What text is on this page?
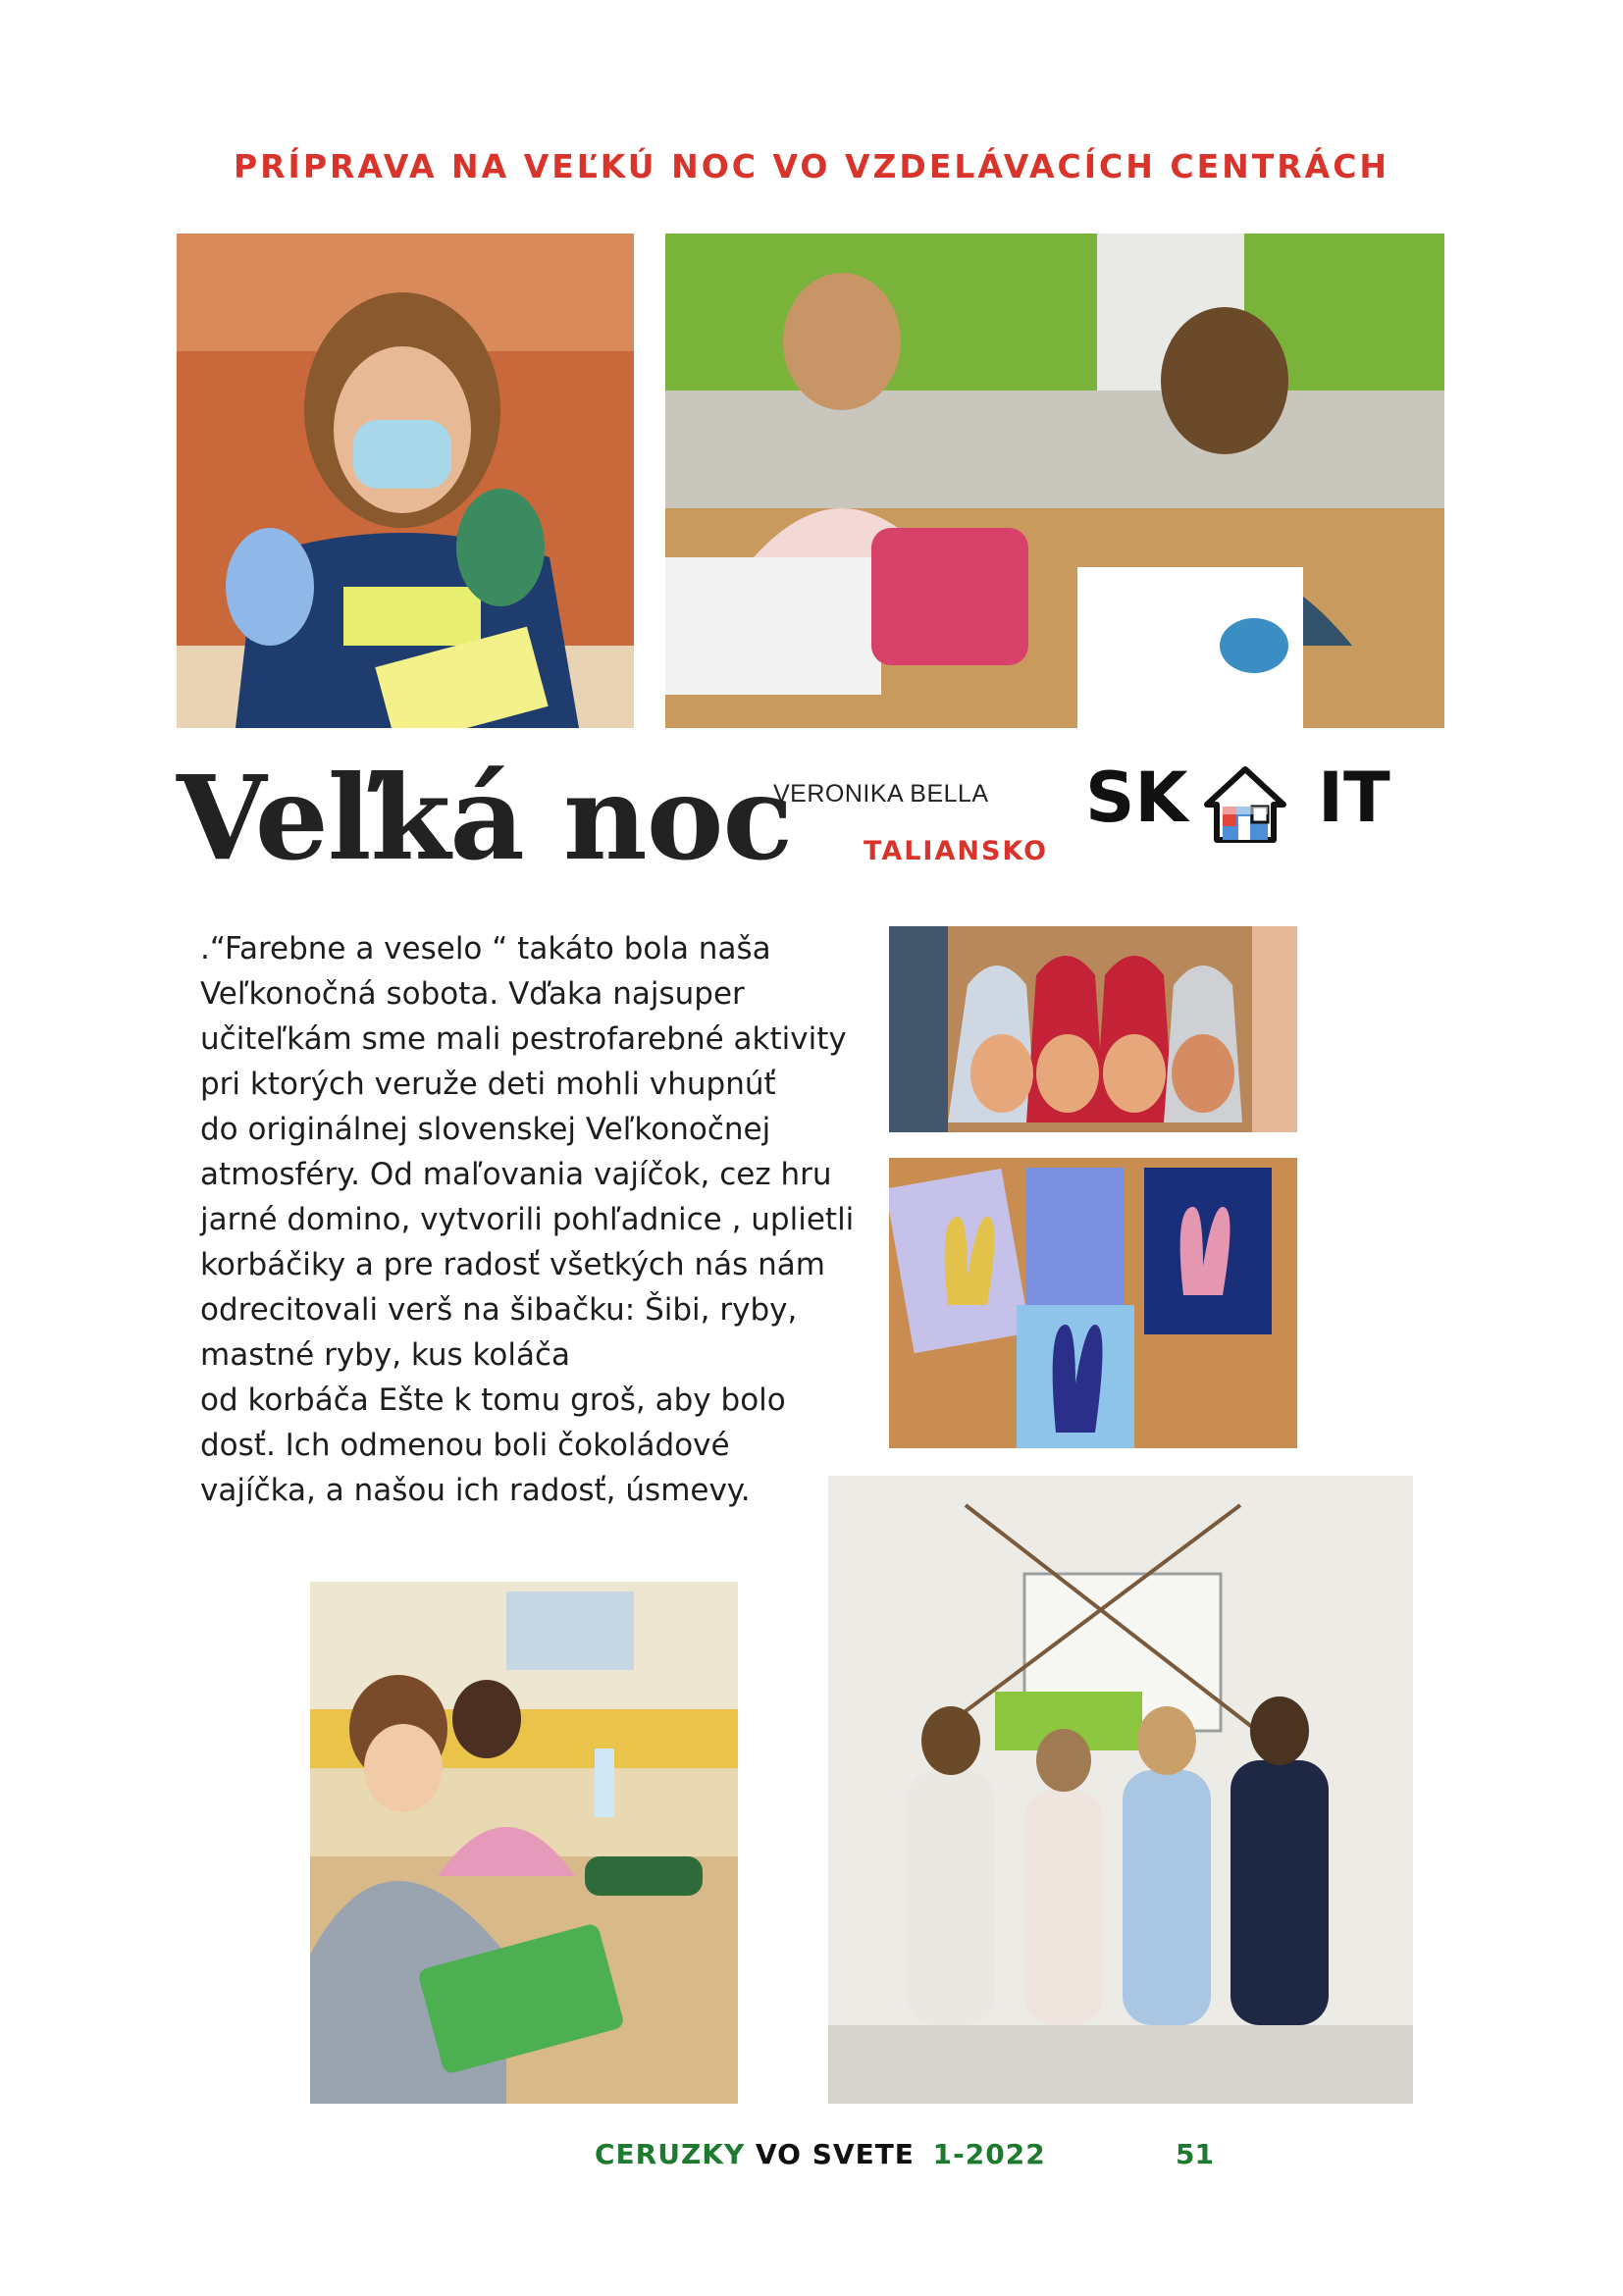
PRÍPRAVA NA VEĽKÚ NOC VO VZDELÁVACÍCH CENTRÁCH
Veľká noc
VERONIKA BELLA
TALIANSKO
SK IT
.“Farebne a veselo “ takáto bola naša
Veľkonočná sobota. Vďaka najsuper
učiteľkám sme mali pestrofarebné aktivity
pri ktorých veruže deti mohli vhupnúť
do originálnej slovenskej Veľkonočnej
atmosféry. Od maľovania vajíčok, cez hru
jarné domino, vytvorili pohľadnice , uplietli
korbáčiky a pre radosť všetkých nás nám
odrecitovali verš na šibačku: Šibi, ryby,
mastné ryby, kus koláča
od korbáča Ešte k tomu groš, aby bolo
dosť. Ich odmenou boli čokoládové
vajíčka, a našou ich radosť, úsmevy.
CERUZKY VO SVETE 1-2022	51
